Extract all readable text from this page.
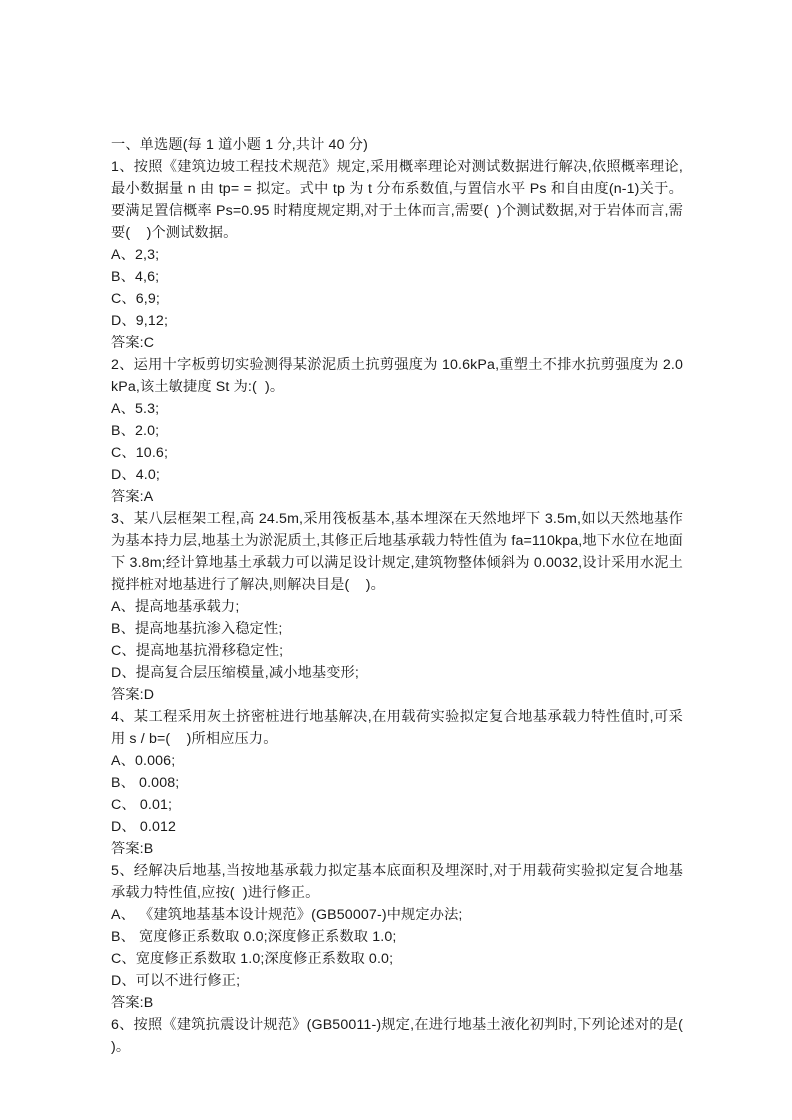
一、单选题(每 1 道小题 1 分,共计 40 分)
1、按照《建筑边坡工程技术规范》规定,采用概率理论对测试数据进行解决,依照概率理论,最小数据量 n 由 tp= = 拟定。式中 tp 为 t 分布系数值,与置信水平 Ps 和自由度(n-1)关于。要满足置信概率 Ps=0.95 时精度规定期,对于土体而言,需要(  )个测试数据,对于岩体而言,需要(    )个测试数据。
A、2,3;
B、4,6;
C、6,9;
D、9,12;
答案:C
2、运用十字板剪切实验测得某淤泥质土抗剪强度为 10.6kPa,重塑土不排水抗剪强度为 2.0 kPa,该土敏捷度 St 为:(  )。
A、5.3;
B、2.0;
C、10.6;
D、4.0;
答案:A
3、某八层框架工程,高 24.5m,采用筏板基本,基本埋深在天然地坪下 3.5m,如以天然地基作为基本持力层,地基土为淤泥质土,其修正后地基承载力特性值为 fa=110kpa,地下水位在地面下 3.8m;经计算地基土承载力可以满足设计规定,建筑物整体倾斜为 0.0032,设计采用水泥土搅拌桩对地基进行了解决,则解决目是(    )。
A、提高地基承载力;
B、提高地基抗渗入稳定性;
C、提高地基抗滑移稳定性;
D、提高复合层压缩模量,减小地基变形;
答案:D
4、某工程采用灰土挤密桩进行地基解决,在用载荷实验拟定复合地基承载力特性值时,可采用 s / b=(    )所相应压力。
A、0.006;
B、 0.008;
C、 0.01;
D、 0.012
答案:B
5、经解决后地基,当按地基承载力拟定基本底面积及埋深时,对于用载荷实验拟定复合地基承载力特性值,应按(  )进行修正。
A、 《建筑地基基本设计规范》(GB50007-)中规定办法;
B、 宽度修正系数取 0.0;深度修正系数取 1.0;
C、宽度修正系数取 1.0;深度修正系数取 0.0;
D、可以不进行修正;
答案:B
6、按照《建筑抗震设计规范》(GB50011-)规定,在进行地基土液化初判时,下列论述对的是(    )。
